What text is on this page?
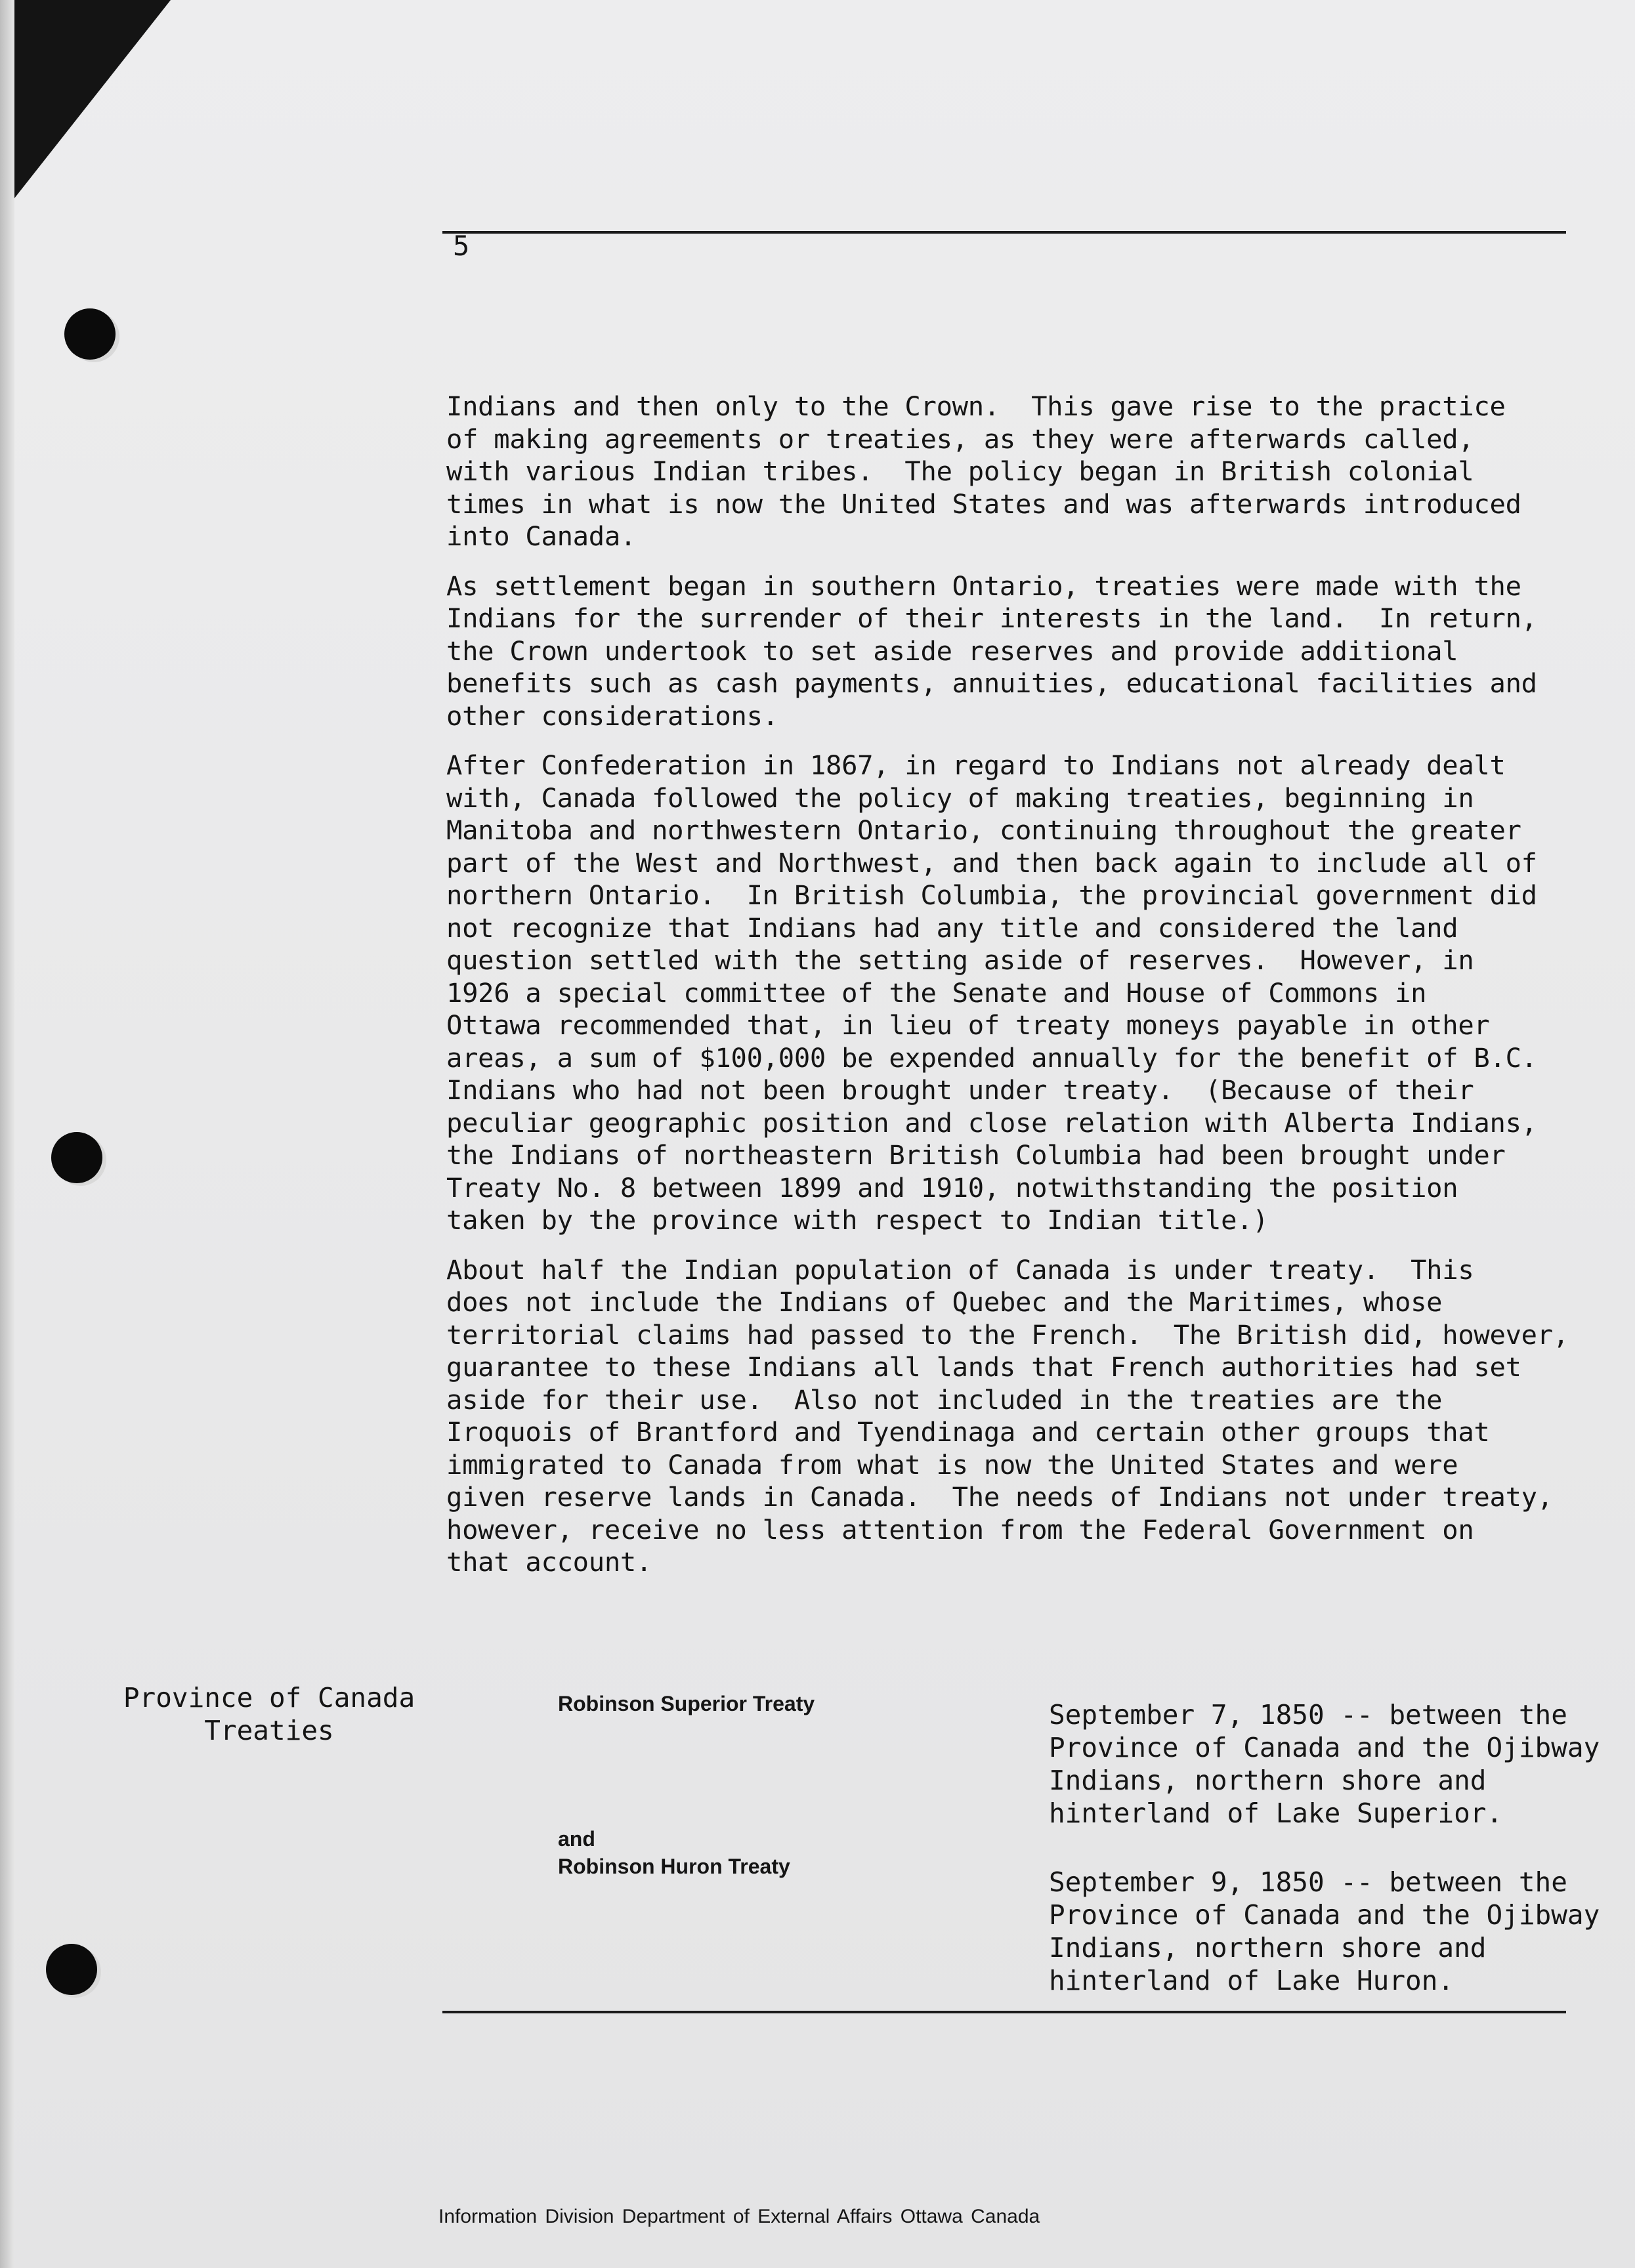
5

Indians and then only to the Crown.  This gave rise to the practice
of making agreements or treaties, as they were afterwards called,
with various Indian tribes.  The policy began in British colonial
times in what is now the United States and was afterwards introduced
into Canada.

As settlement began in southern Ontario, treaties were made with the
Indians for the surrender of their interests in the land.  In return,
the Crown undertook to set aside reserves and provide additional
benefits such as cash payments, annuities, educational facilities and
other considerations.

After Confederation in 1867, in regard to Indians not already dealt
with, Canada followed the policy of making treaties, beginning in
Manitoba and northwestern Ontario, continuing throughout the greater
part of the West and Northwest, and then back again to include all of
northern Ontario.  In British Columbia, the provincial government did
not recognize that Indians had any title and considered the land
question settled with the setting aside of reserves.  However, in
1926 a special committee of the Senate and House of Commons in
Ottawa recommended that, in lieu of treaty moneys payable in other
areas, a sum of $100,000 be expended annually for the benefit of B.C.
Indians who had not been brought under treaty.  (Because of their
peculiar geographic position and close relation with Alberta Indians,
the Indians of northeastern British Columbia had been brought under
Treaty No. 8 between 1899 and 1910, notwithstanding the position
taken by the province with respect to Indian title.)

About half the Indian population of Canada is under treaty.  This
does not include the Indians of Quebec and the Maritimes, whose
territorial claims had passed to the French.  The British did, however,
guarantee to these Indians all lands that French authorities had set
aside for their use.  Also not included in the treaties are the
Iroquois of Brantford and Tyendinaga and certain other groups that
immigrated to Canada from what is now the United States and were
given reserve lands in Canada.  The needs of Indians not under treaty,
however, receive no less attention from the Federal Government on
that account.

Province of Canada
Treaties
Robinson Superior Treaty
and
Robinson Huron Treaty
September 7, 1850 -- between the
Province of Canada and the Ojibway
Indians, northern shore and
hinterland of Lake Superior.
September 9, 1850 -- between the
Province of Canada and the Ojibway
Indians, northern shore and
hinterland of Lake Huron.
Information Division Department of External Affairs Ottawa Canada
